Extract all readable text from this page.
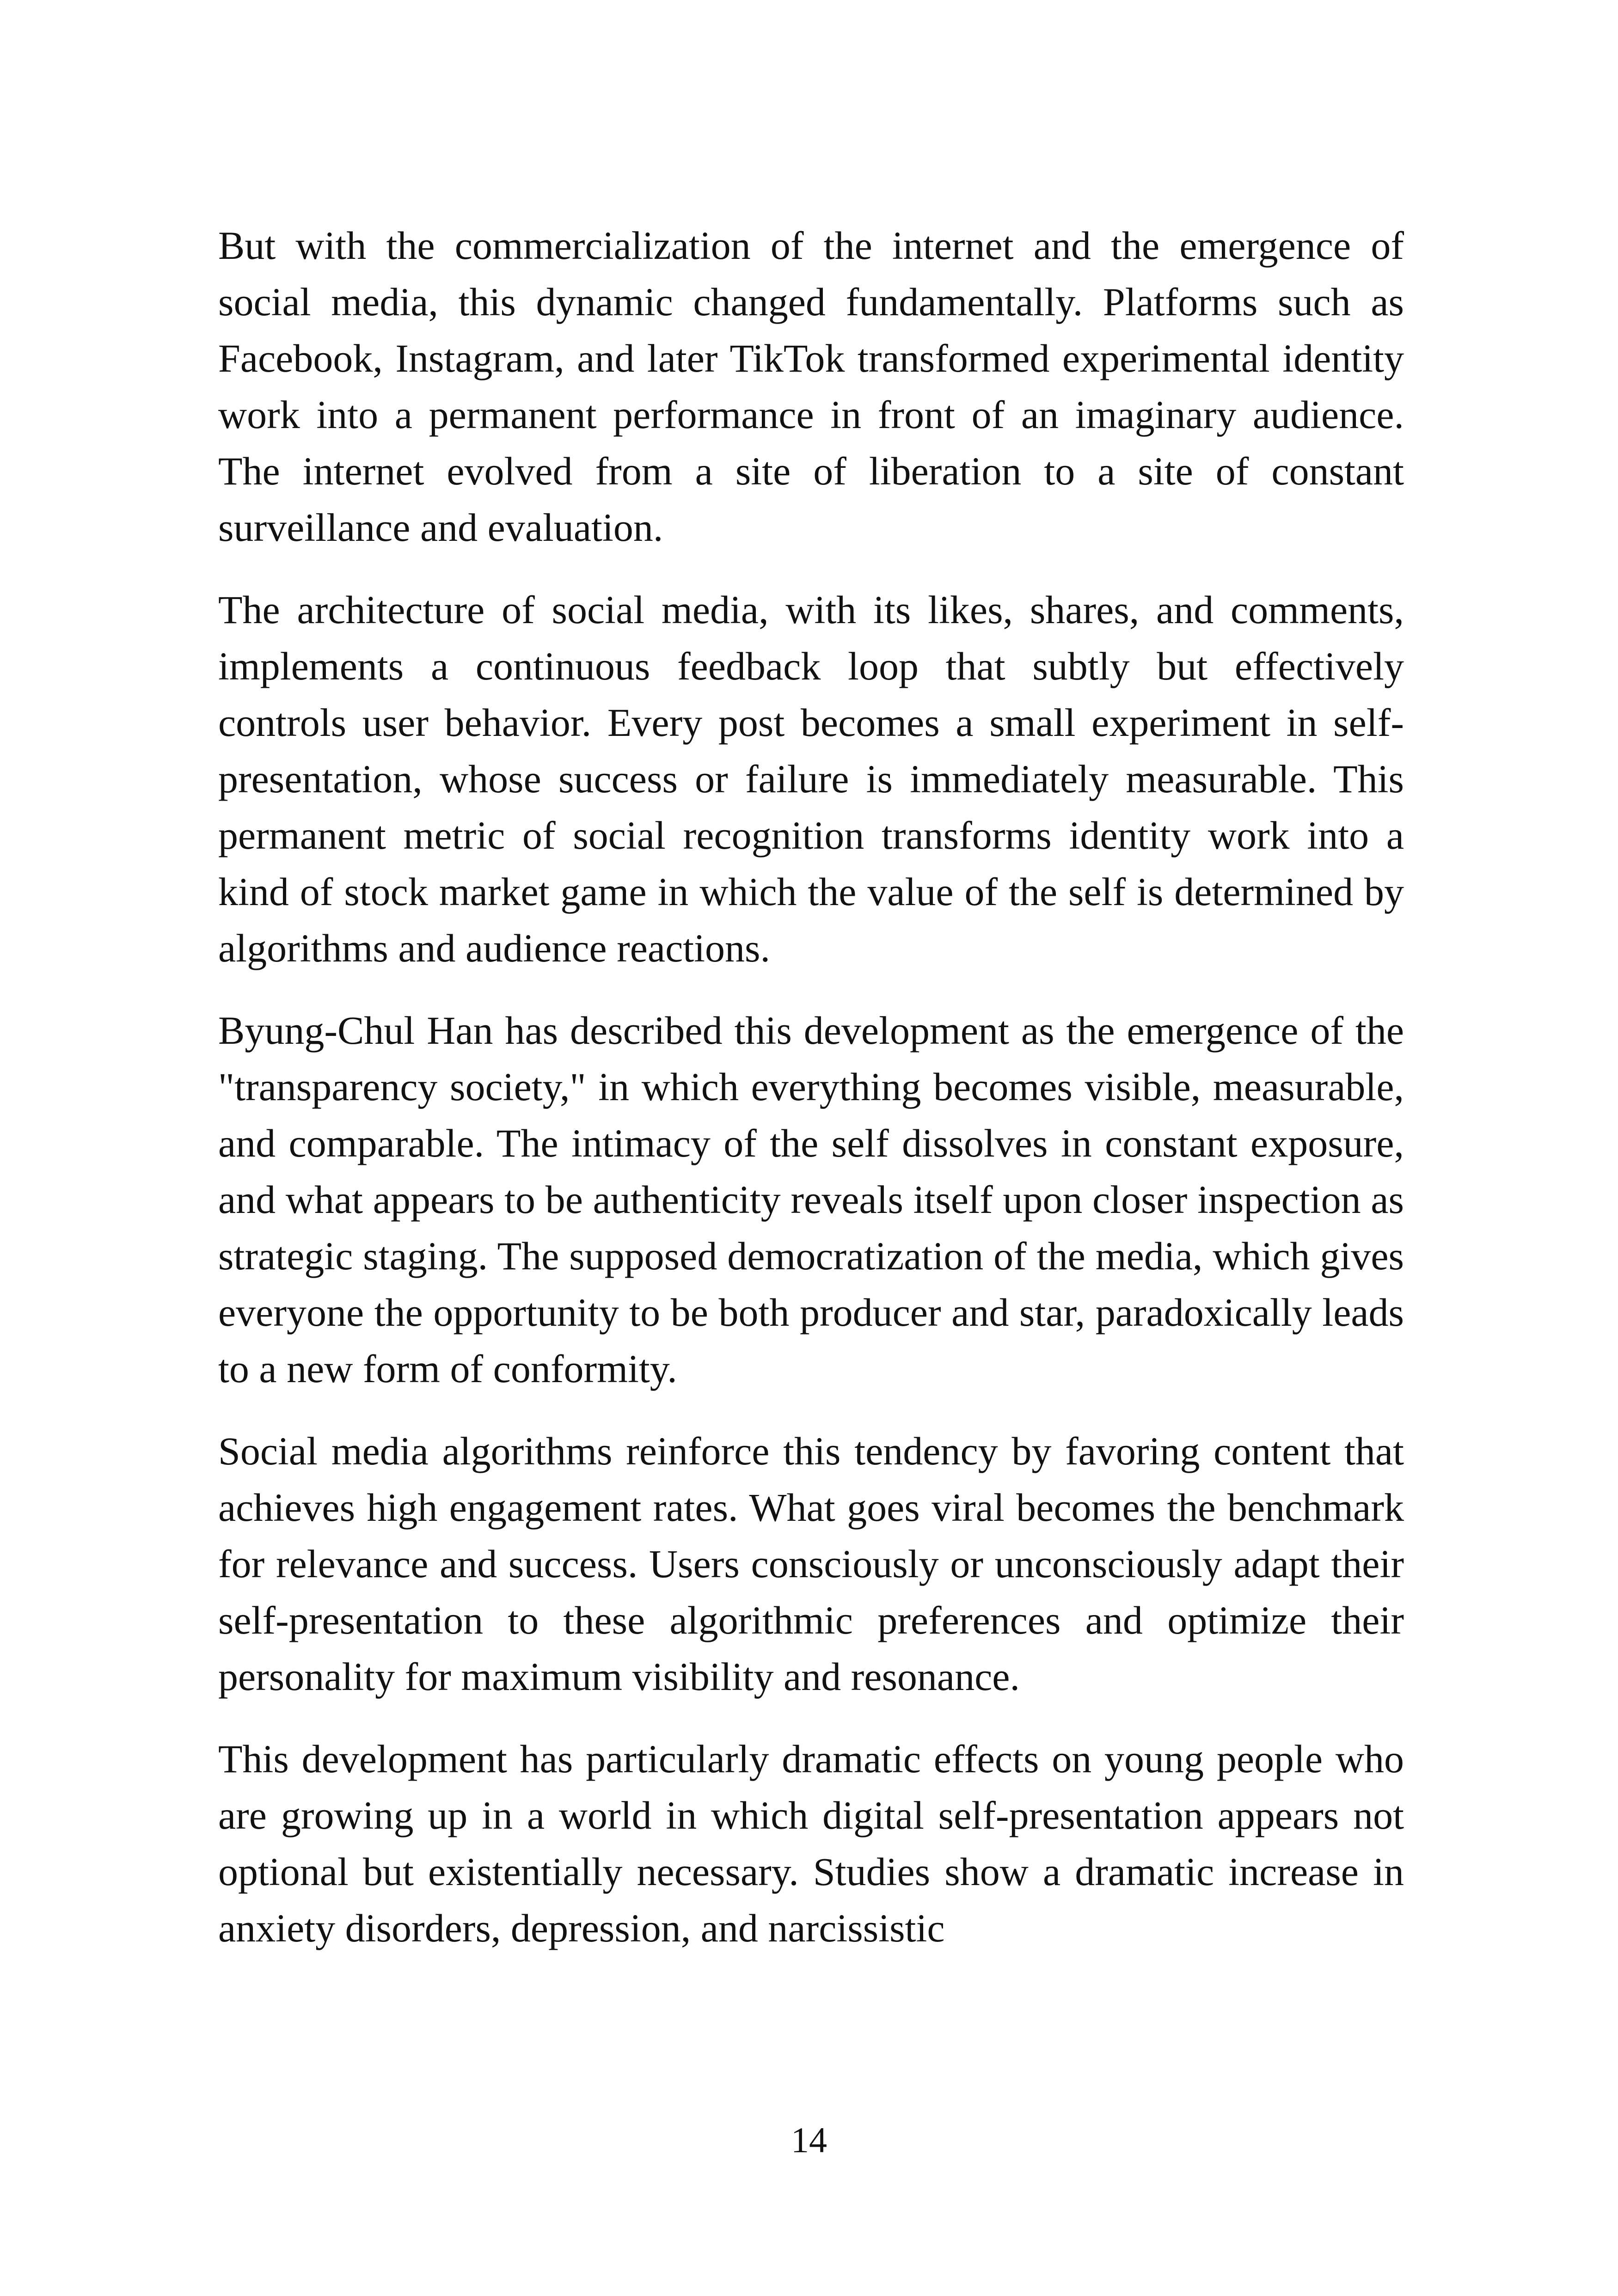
But with the commercialization of the internet and the emergence of social media, this dynamic changed fundamentally. Platforms such as Facebook, Instagram, and later TikTok transformed experimental identity work into a permanent performance in front of an imaginary audience. The internet evolved from a site of liberation to a site of constant surveillance and evaluation.

The architecture of social media, with its likes, shares, and comments, implements a continuous feedback loop that subtly but effectively controls user behavior. Every post becomes a small experiment in self-presentation, whose success or failure is immediately measurable. This permanent metric of social recognition transforms identity work into a kind of stock market game in which the value of the self is determined by algorithms and audience reactions.

Byung-Chul Han has described this development as the emergence of the "transparency society," in which everything becomes visible, measurable, and comparable. The intimacy of the self dissolves in constant exposure, and what appears to be authenticity reveals itself upon closer inspection as strategic staging. The supposed democratization of the media, which gives everyone the opportunity to be both producer and star, paradoxically leads to a new form of conformity.

Social media algorithms reinforce this tendency by favoring content that achieves high engagement rates. What goes viral becomes the benchmark for relevance and success. Users consciously or unconsciously adapt their self-presentation to these algorithmic preferences and optimize their personality for maximum visibility and resonance.

This development has particularly dramatic effects on young people who are growing up in a world in which digital self-presentation appears not optional but existentially necessary. Studies show a dramatic increase in anxiety disorders, depression, and narcissistic

14
